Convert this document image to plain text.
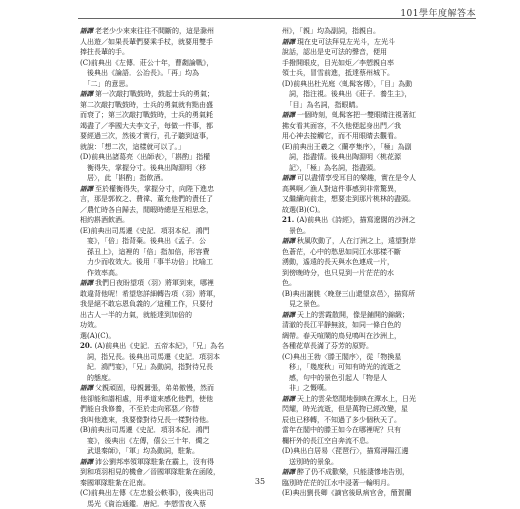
101學年度解答本
語譯 老老少少來來往往不間斷的，這是滁州
人出遊／如果長輩們要乘手杖，就要用雙手
捧拄長輩的手。
(C)前典出《左傳．莊公十年，曹劌論戰》，
　後典出《論語．公冶長》。「再」均為
　「二」的意思。
語譯 第一次敲打戰鼓時，鼓起士兵的勇氣；
第二次敲打戰鼓時，士兵的勇氣就有點由盛
而衰了；第三次敲打戰鼓時，士兵的勇氣耗
竭盡了／季國大夫李文子，每做一件事，都
要經過三次，然後才實行，孔子聽到這事，
就說：「想二次，這樣就可以了。」
(D)前典出諸葛亮〈出師表〉，「斟酌」指權
　衡得失，掌握分寸。後典出陶淵明〈移
　居〉，此「斟酌」指飲酒。
語譯 至於權衡得失，掌握分寸，向陛下進忠
言，那是郭攸之、費禕、董允他們的責任了
／農忙時各自歸去，閒暇時總是互相思念，
相約斟酒飲酒。
(E)前典出司馬遷《史記．項羽本紀．鴻門
　宴》，「倍」指背棄。後典出《孟子．公
　孫丑上》，這裡的「倍」指加倍，形容費
　力少而收效大。後用「事半功倍」比喻工
　作效率高。
語譯 我們日夜盼望項（羽）將軍到來，哪裡
敢違背他呢！希望您詳細轉告項（羽）將軍，
我是絕不敢忘恩負義的／這種工作，只要付
出古人一半的力氣，就能達到加倍的
功效。
選(A)(C)。
20. (A)前典出《史記．五帝本紀》，「兄」為名
　詞，指兄長。後典出司馬遷《史記．項羽本
　紀．鴻門宴》，「兄」為動詞，指對待兄長
　的態度。
語譯 父親頑固，母親囂張，弟弟傲慢，然而
他卻能和諧相處，用孝道來感化他們，使他
們能自我修養，不至於走向邪惡／你替
我叫他進來，我要像對待兄長一樣對待他。
(B)前典出司馬遷《史記．項羽本紀．鴻門
　宴》，後典出《左傳，僖公三十年．燭之
　武退秦師》，「軍」均為動詞，駐紮。
語譯 沛公劉邦率領軍隊駐紮在霸上，沒有得
到和項羽相見的機會／晉國軍隊駐紮在函陵，
秦國軍隊駐紮在氾南。
(C)前典出左傳《左忠毅公軼事》，後典出司
　馬光《資治通鑑．唐紀．李愬雪夜入蔡
州》，「親」均為副詞，指親自。
語譯 現在史可法拜見左光斗，左光斗
說話，認出是史可法的聲音，便用
手撥開眼皮，目光如炬／李愬親自率
領士兵，冒雪前進，抵達蔡州城下。
(D)前典出杜光庭〈虬髯客傳〉，「目」為動
　詞，指注視。後典出《莊子．養生主》，
　「目」為名詞，指眼睛。
語譯 一個時刻，虬髯客把一雙眼睛注視著紅
拂女看其面容，不久他便起身出門／我
用心神去接觸它，而不用眼睛去觀看。
(E)前典出王羲之〈蘭亭集序〉，「極」為副
　詞，指盡情。後典出陶淵明〈桃花源
　記〉，「極」為名詞，指盡頭。
語譯 可以盡情享受耳目的樂趣，實在是令人
高興啊／漁人對這件事感到非常驚異，
又繼續向前走，想要走到那片桃林的盡頭。
故選(B)(C)。
21. (A)前典出《詩經》，描寫遼闊的沙洲之
　景色。
語譯 秋風吹動了，人在汀洲之上，遠望對岸
色蒼茫，心中的愁思如同江水那樣不斷
湧動，遙遠的長天與水色連成一片，
到傍晚時分，也只見到一片茫茫的水
色。
(B)典出謝朓〈晚登三山還望京邑〉，描寫所
　見之景色。
語譯 天上的雲霞散開，像是鋪開的錦緞；
清澈的長江平靜無波，如同一條白色的
綢帶。春天喧鬧的鳥兒鳴叫在沙洲上，
各種花草長滿了芬芳的原野。
(C)典出王勃〈滕王閣序〉，從「物換星
　移」，「幾度秋」可知有時光的流逝之
　感，句中的景色引起人「物是人
　非」之慨嘆。
語譯 天上的雲朵悠閒地倒映在潭水上，日光
閃耀，時光流逝，但是萬物已經改變，星
辰也已移轉，不知過了多少個秋天了。
當年在閣中的滕王如今在哪裡呢？只有
欄杆外的長江空自奔流不息。
(D)典出白居易〈琵琶行〉，描寫潯陽江邊
　送別時的景象。
語譯 醉了仍不成歡樂，只能淒慘地告別，
臨別時茫茫的江水中浸著一輪明月。
(E)典出劉長卿《謫官後臥病官舍，簡賀蘭
35
